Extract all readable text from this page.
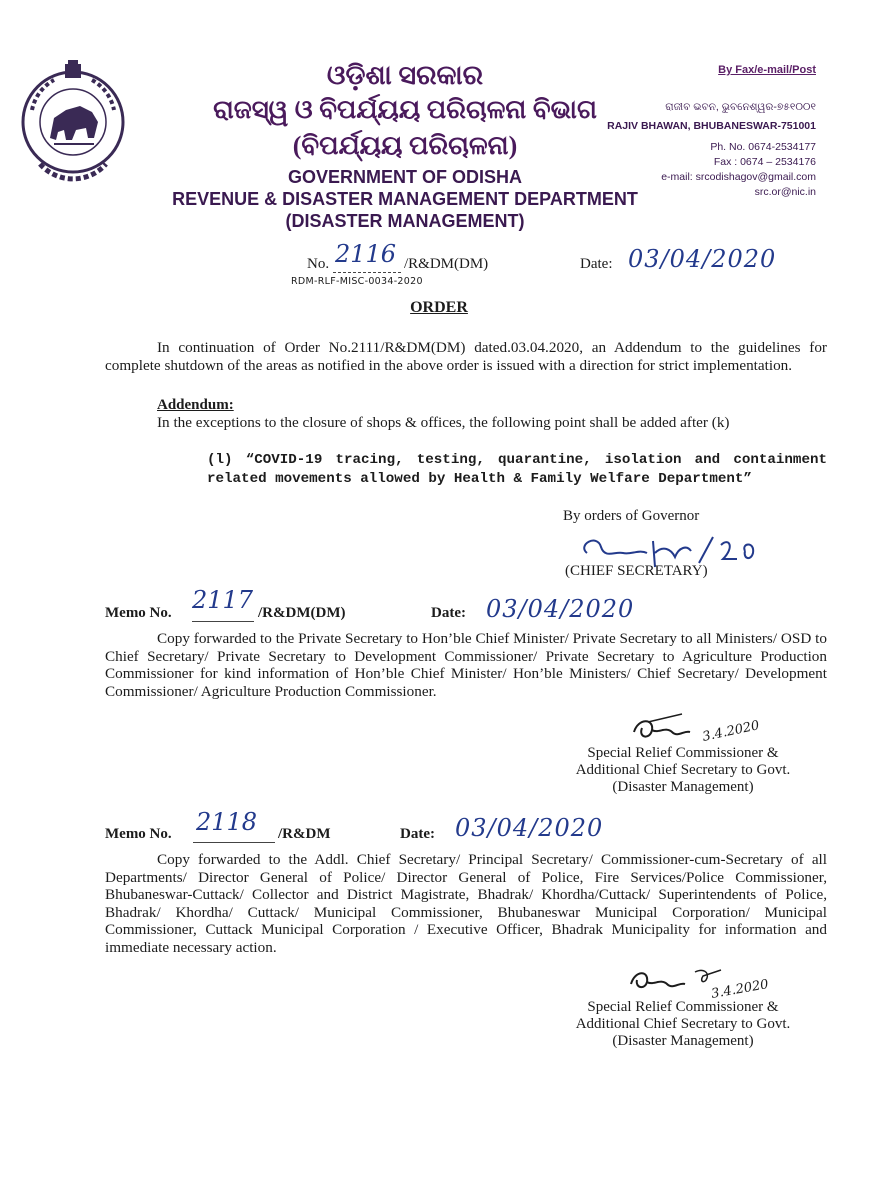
ଓଡ଼ିଶା ସରକାର
ରାଜସ୍ୱ ଓ ବିପର୍ଯ୍ୟୟ ପରିଚାଳନା ବିଭାଗ
(ବିପର୍ଯ୍ୟୟ ପରିଚାଳନା)
GOVERNMENT OF ODISHA
REVENUE & DISASTER MANAGEMENT DEPARTMENT
(DISASTER MANAGEMENT)
By Fax/e-mail/Post
ରାଜୀବ ଭବନ, ଭୁବନେଶ୍ୱର-୭୫୧୦୦୧
RAJIV BHAWAN, BHUBANESWAR-751001
Ph. No. 0674-2534177
Fax : 0674 – 2534176
e-mail: srcodishagov@gmail.com
src.or@nic.in
No. 2116 /R&DM(DM)
RDM-RLF-MISC-0034-2020
Date: 03/04/2020
ORDER
In continuation of Order No.2111/R&DM(DM) dated.03.04.2020, an Addendum to the guidelines for complete shutdown of the areas as notified in the above order is issued with a direction for strict implementation.
Addendum:
In the exceptions to the closure of shops & offices, the following point shall be added after (k)
(l) “COVID-19 tracing, testing, quarantine, isolation and containment related movements allowed by Health & Family Welfare Department”
By orders of Governor
(CHIEF SECRETARY)
Memo No. 2117 /R&DM(DM)	Date: 03/04/2020
Copy forwarded to the Private Secretary to Hon’ble Chief Minister/ Private Secretary to all Ministers/ OSD to Chief Secretary/ Private Secretary to Development Commissioner/ Private Secretary to Agriculture Production Commissioner for kind information of Hon’ble Chief Minister/ Hon’ble Ministers/ Chief Secretary/ Development Commissioner/ Agriculture Production Commissioner.
3.4.2020
Special Relief Commissioner &
Additional Chief Secretary to Govt.
(Disaster Management)
Memo No. 2118 /R&DM	Date: 03/04/2020
Copy forwarded to the Addl. Chief Secretary/ Principal Secretary/ Commissioner-cum-Secretary of all Departments/ Director General of Police/ Director General of Police, Fire Services/Police Commissioner, Bhubaneswar-Cuttack/ Collector and District Magistrate, Bhadrak/ Khordha/Cuttack/ Superintendents of Police, Bhadrak/ Khordha/ Cuttack/ Municipal Commissioner, Bhubaneswar Municipal Corporation/ Municipal Commissioner, Cuttack Municipal Corporation / Executive Officer, Bhadrak Municipality for information and immediate necessary action.
3.4.2020
Special Relief Commissioner &
Additional Chief Secretary to Govt.
(Disaster Management)
